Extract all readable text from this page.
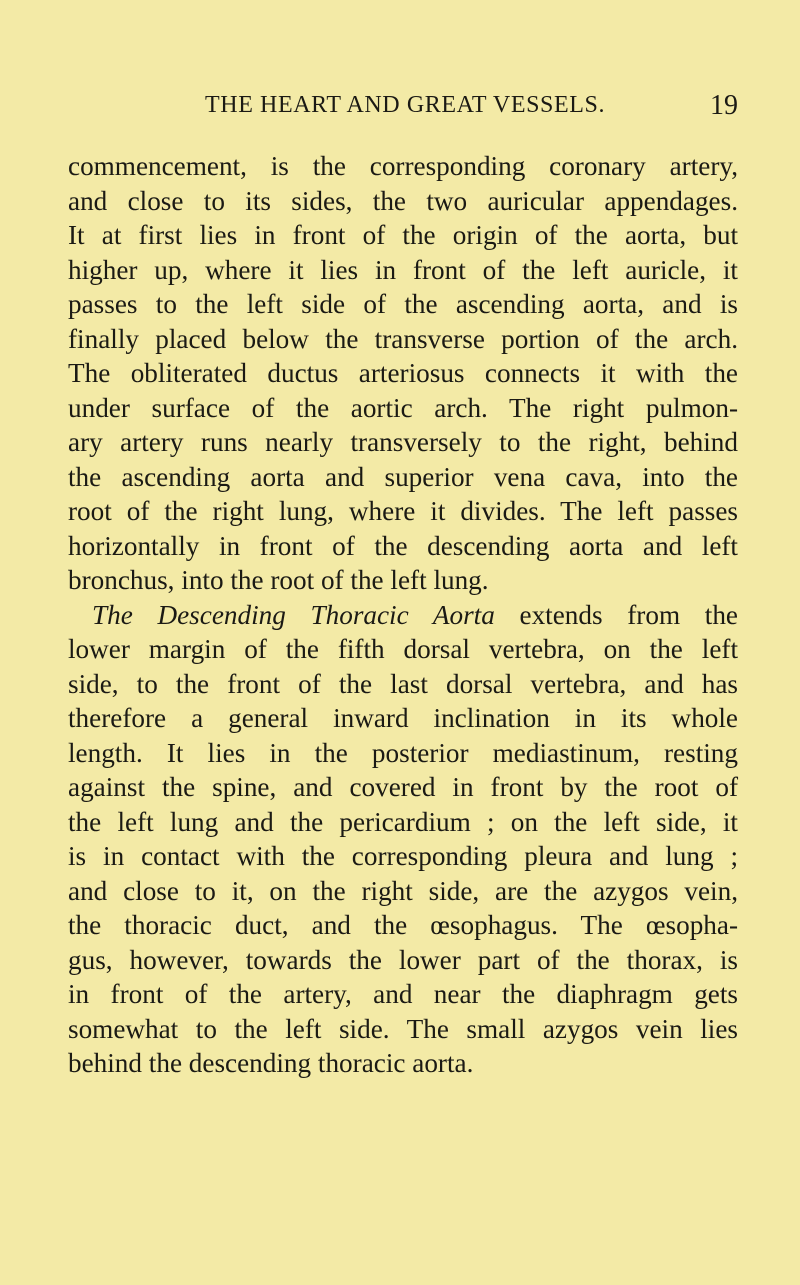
THE HEART AND GREAT VESSELS.	19
commencement, is the corresponding coronary artery,
and close to its sides, the two auricular appendages.
It at first lies in front of the origin of the aorta, but
higher up, where it lies in front of the left auricle, it
passes to the left side of the ascending aorta, and is
finally placed below the transverse portion of the arch.
The obliterated ductus arteriosus connects it with the
under surface of the aortic arch. The right pulmon-
ary artery runs nearly transversely to the right, behind
the ascending aorta and superior vena cava, into the
root of the right lung, where it divides. The left passes
horizontally in front of the descending aorta and left
bronchus, into the root of the left lung.
The Descending Thoracic Aorta extends from the
lower margin of the fifth dorsal vertebra, on the left
side, to the front of the last dorsal vertebra, and has
therefore a general inward inclination in its whole
length. It lies in the posterior mediastinum, resting
against the spine, and covered in front by the root of
the left lung and the pericardium ; on the left side, it
is in contact with the corresponding pleura and lung ;
and close to it, on the right side, are the azygos vein,
the thoracic duct, and the œsophagus. The œsopha-
gus, however, towards the lower part of the thorax, is
in front of the artery, and near the diaphragm gets
somewhat to the left side. The small azygos vein lies
behind the descending thoracic aorta.
